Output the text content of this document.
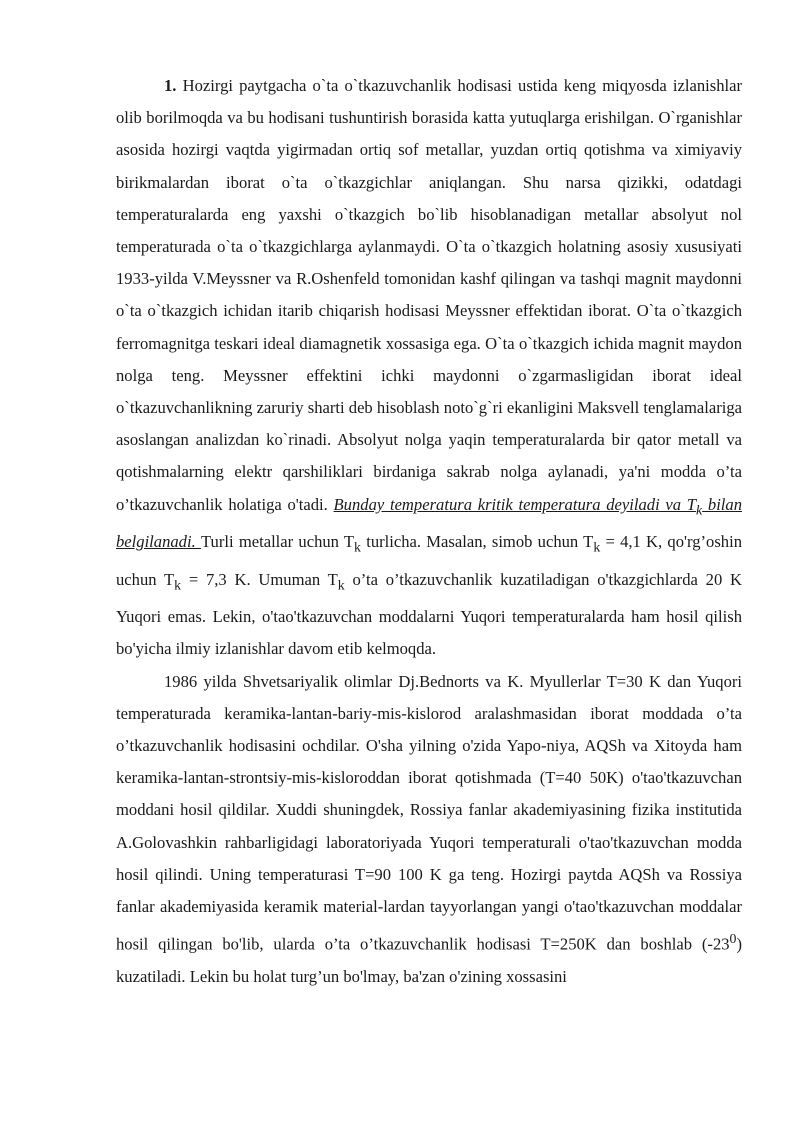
1. Hozirgi paytgacha o`ta o`tkazuvchanlik hodisasi ustida keng miqyosda izlanishlar olib borilmoqda va bu hodisani tushuntirish borasida katta yutuqlarga erishilgan. O`rganishlar asosida hozirgi vaqtda yigirmadan ortiq sof metallar, yuzdan ortiq qotishma va ximiyaviy birikmalardan iborat o`ta o`tkazgichlar aniqlangan. Shu narsa qizikki, odatdagi temperaturalarda eng yaxshi o`tkazgich bo`lib hisoblanadigan metallar absolyut nol temperaturada o`ta o`tkazgichlarga aylanmaydi. O`ta o`tkazgich holatning asosiy xususiyati 1933-yilda V.Meyssner va R.Oshenfeld tomonidan kashf qilingan va tashqi magnit maydonni o`ta o`tkazgich ichidan itarib chiqarish hodisasi Meyssner effektidan iborat. O`ta o`tkazgich ferromagnitga teskari ideal diamagnetik xossasiga ega. O`ta o`tkazgich ichida magnit maydon nolga teng. Meyssner effektini ichki maydonni o`zgarmasligidan iborat ideal o`tkazuvchanlikning zaruriy sharti deb hisoblash noto`g`ri ekanligini Maksvell tenglamalariga asoslangan analizdan ko`rinadi. Absolyut nolga yaqin temperaturalarda bir qator metall va qotishmalarning elektr qarshiliklari birdaniga sakrab nolga aylanadi, ya'ni modda o’ta o’tkazuvchanlik holatiga o'tadi. Bunday temperatura kritik temperatura deyiladi va $T_k$ bilan belgilanadi. Turli metallar uchun $T_k$ turlicha. Masalan, simob uchun $T_k = 4,1$ K, qo'rg’oshin uchun $T_k = 7,3$ K. Umuman $T_k$ o’ta o’tkazuvchanlik kuzatiladigan o'tkazgichlarda 20 K Yuqori emas. Lekin, o'tao'tkazuvchan moddalarni Yuqori temperaturalarda ham hosil qilish bo'yicha ilmiy izlanishlar davom etib kelmoqda.

1986 yilda Shvetsariyalik olimlar Dj.Bednorts va K. Myullerlar T=30 K dan Yuqori temperaturada keramika-lantan-bariy-mis-kislorod aralashmasidan iborat moddada o’ta o’tkazuvchanlik hodisasini ochdilar. O'sha yilning o'zida Yapo-niya, AQSh va Xitoyda ham keramika-lantan-strontsiy-mis-kisloroddan iborat qotishmada (T=40 50K) o'tao'tkazuvchan moddani hosil qildilar. Xuddi shuningdek, Rossiya fanlar akademiyasining fizika institutida A.Golovashkin rahbarligidagi laboratoriyada Yuqori temperaturali o'tao'tkazuvchan modda hosil qilindi. Uning temperaturasi T=90 100 K ga teng. Hozirgi paytda AQSh va Rossiya fanlar akademiyasida keramik material-lardan tayyorlangan yangi o'tao'tkazuvchan moddalar hosil qilingan bo'lib, ularda o’ta o’tkazuvchanlik hodisasi T=250K dan boshlab $(-23^0)$ kuzatiladi. Lekin bu holat turg’un bo'lmay, ba'zan o'zining xossasini
